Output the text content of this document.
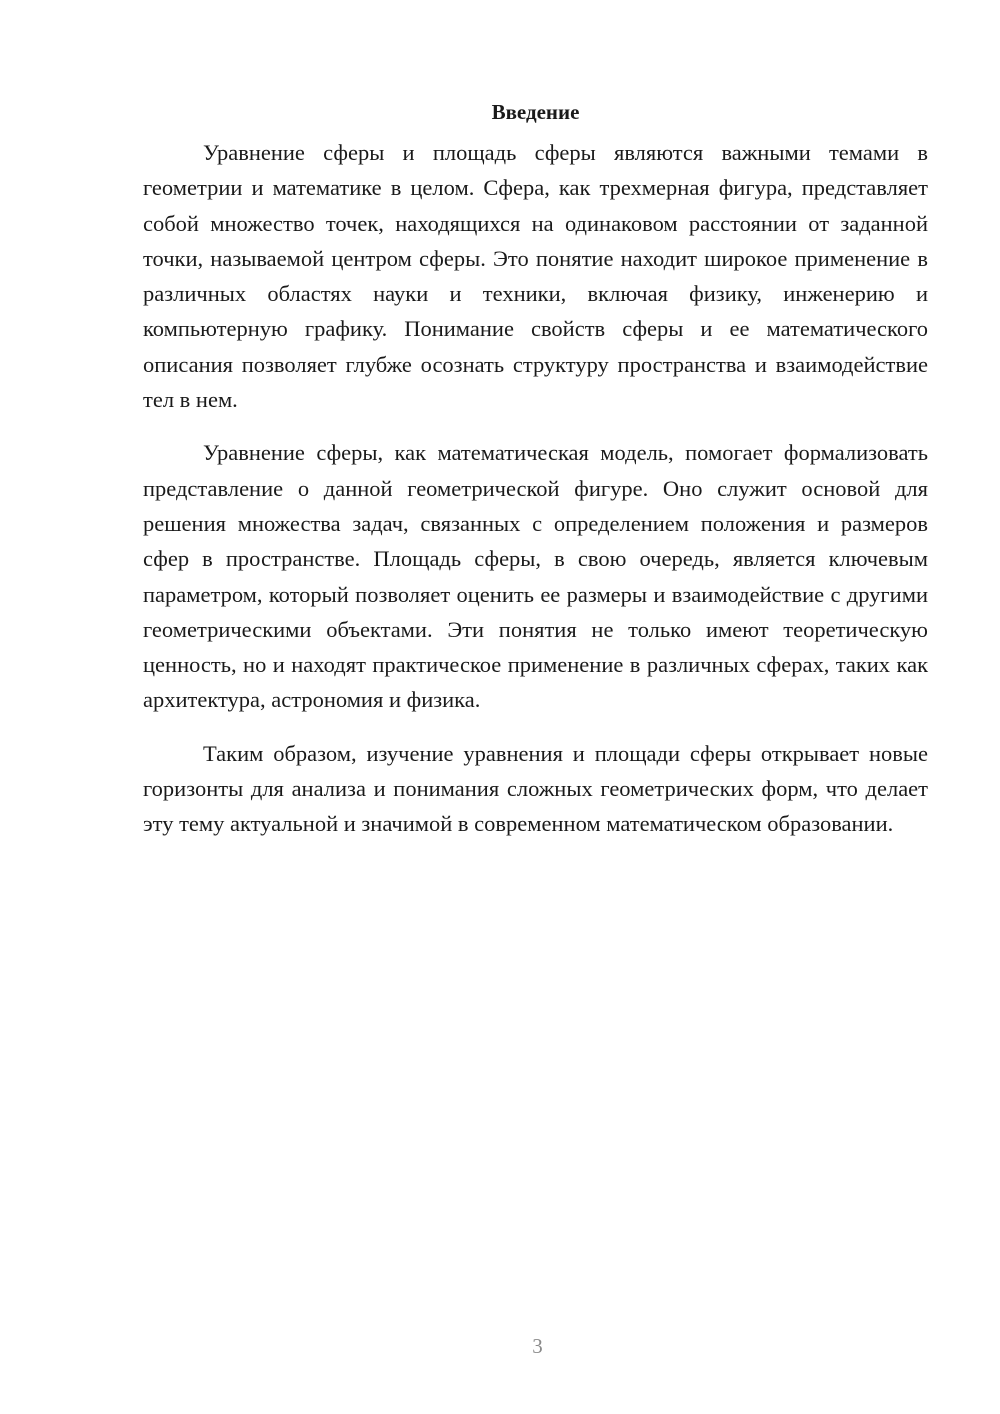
Введение

Уравнение сферы и площадь сферы являются важными темами в геометрии и математике в целом. Сфера, как трехмерная фигура, представляет собой множество точек, находящихся на одинаковом расстоянии от заданной точки, называемой центром сферы. Это понятие находит широкое применение в различных областях науки и техники, включая физику, инженерию и компьютерную графику. Понимание свойств сферы и ее математического описания позволяет глубже осознать структуру пространства и взаимодействие тел в нем.

Уравнение сферы, как математическая модель, помогает формализовать представление о данной геометрической фигуре. Оно служит основой для решения множества задач, связанных с определением положения и размеров сфер в пространстве. Площадь сферы, в свою очередь, является ключевым параметром, который позволяет оценить ее размеры и взаимодействие с другими геометрическими объектами. Эти понятия не только имеют теоретическую ценность, но и находят практическое применение в различных сферах, таких как архитектура, астрономия и физика.

Таким образом, изучение уравнения и площади сферы открывает новые горизонты для анализа и понимания сложных геометрических форм, что делает эту тему актуальной и значимой в современном математическом образовании.

3
